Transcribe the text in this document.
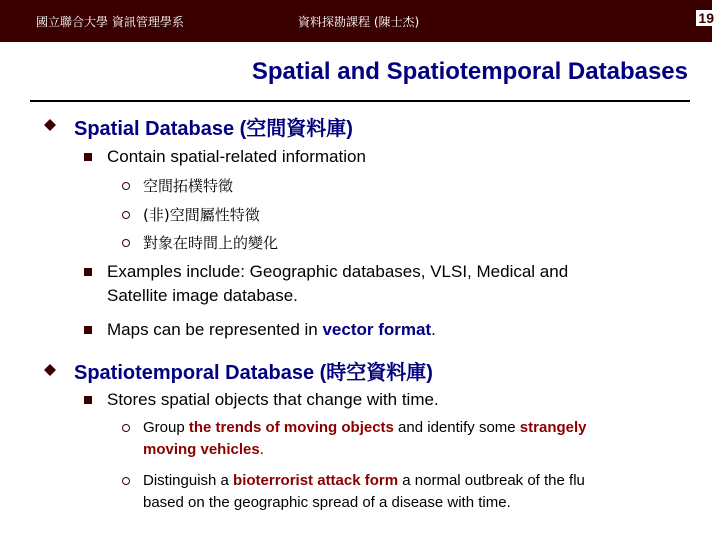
國立聯合大學 資訊管理學系	資料探勘課程 (陳士杰)	19
Spatial and Spatiotemporal Databases
Spatial Database (空間資料庫)
Contain spatial-related information
空間拓樸特徵
(非)空間屬性特徵
對象在時間上的變化
Examples include: Geographic databases, VLSI, Medical and
Satellite image database.
Maps can be represented in vector format.
Spatiotemporal Database (時空資料庫)
Stores spatial objects that change with time.
Group the trends of moving objects and identify some strangely
moving vehicles.
Distinguish a bioterrorist attack form a normal outbreak of the flu
based on the geographic spread of a disease with time.
